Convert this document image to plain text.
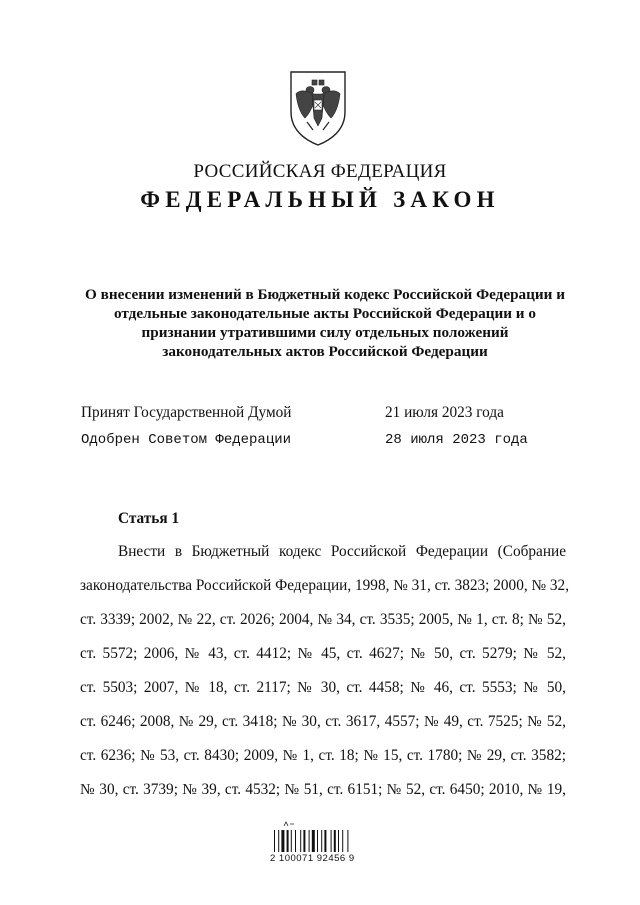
РОССИЙСКАЯ ФЕДЕРАЦИЯ
ФЕДЕРАЛЬНЫЙ ЗАКОН
О внесении изменений в Бюджетный кодекс Российской Федерации и отдельные законодательные акты Российской Федерации и о признании утратившими силу отдельных положений законодательных актов Российской Федерации
Принят Государственной Думой	21 июля 2023 года
Одобрен Советом Федерации	28 июля 2023 года
Статья 1
Внести в Бюджетный кодекс Российской Федерации (Собрание
законодательства Российской Федерации, 1998, № 31, ст. 3823; 2000, № 32,
ст. 3339; 2002, № 22, ст. 2026; 2004, № 34, ст. 3535; 2005, № 1, ст. 8; № 52,
ст. 5572; 2006, № 43, ст. 4412; № 45, ст. 4627; № 50, ст. 5279; № 52,
ст. 5503; 2007, № 18, ст. 2117; № 30, ст. 4458; № 46, ст. 5553; № 50,
ст. 6246; 2008, № 29, ст. 3418; № 30, ст. 3617, 4557; № 49, ст. 7525; № 52,
ст. 6236; № 53, ст. 8430; 2009, № 1, ст. 18; № 15, ст. 1780; № 29, ст. 3582;
№ 30, ст. 3739; № 39, ст. 4532; № 51, ст. 6151; № 52, ст. 6450; 2010, № 19,
2 100071 92456 9
